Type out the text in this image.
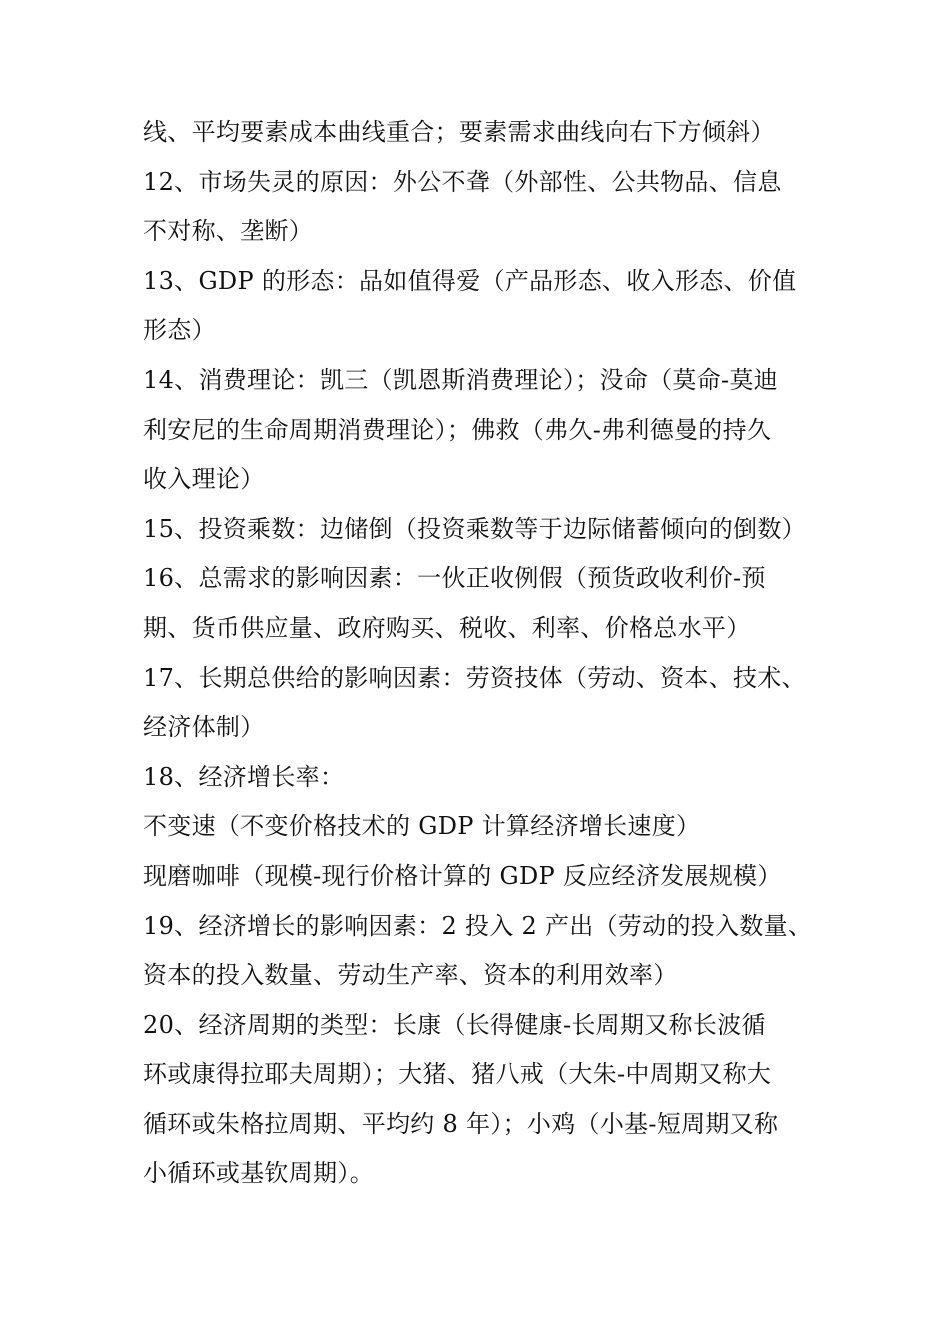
线、平均要素成本曲线重合；要素需求曲线向右下方倾斜）
12、市场失灵的原因：外公不聋（外部性、公共物品、信息
不对称、垄断）
13、GDP 的形态：品如值得爱（产品形态、收入形态、价值
形态）
14、消费理论：凯三（凯恩斯消费理论）；没命（莫命-莫迪
利安尼的生命周期消费理论）；佛救（弗久-弗利德曼的持久
收入理论）
15、投资乘数：边储倒（投资乘数等于边际储蓄倾向的倒数）
16、总需求的影响因素：一伙正收例假（预货政收利价-预
期、货币供应量、政府购买、税收、利率、价格总水平）
17、长期总供给的影响因素：劳资技体（劳动、资本、技术、
经济体制）
18、经济增长率：
不变速（不变价格技术的 GDP 计算经济增长速度）
现磨咖啡（现模-现行价格计算的 GDP 反应经济发展规模）
19、经济增长的影响因素：2 投入 2 产出（劳动的投入数量、
资本的投入数量、劳动生产率、资本的利用效率）
20、经济周期的类型：长康（长得健康-长周期又称长波循
环或康得拉耶夫周期）；大猪、猪八戒（大朱-中周期又称大
循环或朱格拉周期、平均约 8 年）；小鸡（小基-短周期又称
小循环或基钦周期）。
